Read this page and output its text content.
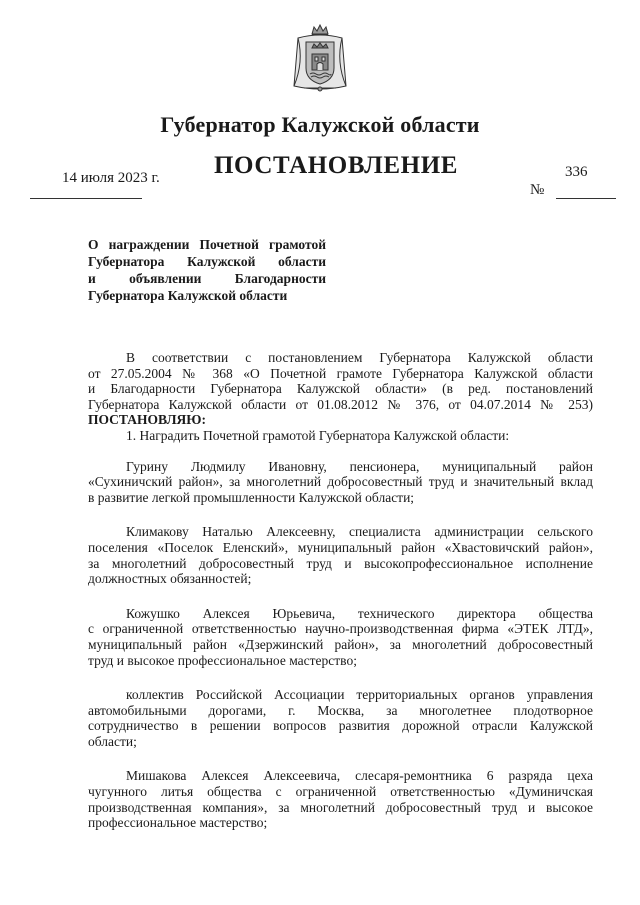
Губернатор Калужской области
14 июля 2023 г. ПОСТАНОВЛЕНИЕ	336
№
О награждении Почетной грамотой
Губернатора Калужской области
и объявлении Благодарности
Губернатора Калужской области
В соответствии с постановлением Губернатора Калужской области
от 27.05.2004 № 368 «О Почетной грамоте Губернатора Калужской области
и Благодарности Губернатора Калужской области» (в ред. постановлений
Губернатора Калужской области от 01.08.2012 № 376, от 04.07.2014 № 253)
ПОСТАНОВЛЯЮ:
1. Наградить Почетной грамотой Губернатора Калужской области:
Гурину Людмилу Ивановну, пенсионера, муниципальный район
«Сухиничский район», за многолетний добросовестный труд и значительный вклад
в развитие легкой промышленности Калужской области;
Климакову Наталью Алексеевну, специалиста администрации сельского
поселения «Поселок Еленский», муниципальный район «Хвастовичский район»,
за многолетний добросовестный труд и высокопрофессиональное исполнение
должностных обязанностей;
Кожушко Алексея Юрьевича, технического директора общества
с ограниченной ответственностью научно-производственная фирма «ЭТЕК ЛТД»,
муниципальный район «Дзержинский район», за многолетний добросовестный
труд и высокое профессиональное мастерство;
коллектив Российской Ассоциации территориальных органов управления
автомобильными дорогами, г. Москва, за многолетнее плодотворное
сотрудничество в решении вопросов развития дорожной отрасли Калужской
области;
Мишакова Алексея Алексеевича, слесаря-ремонтника 6 разряда цеха
чугунного литья общества с ограниченной ответственностью «Думиничская
производственная компания», за многолетний добросовестный труд и высокое
профессиональное мастерство;
